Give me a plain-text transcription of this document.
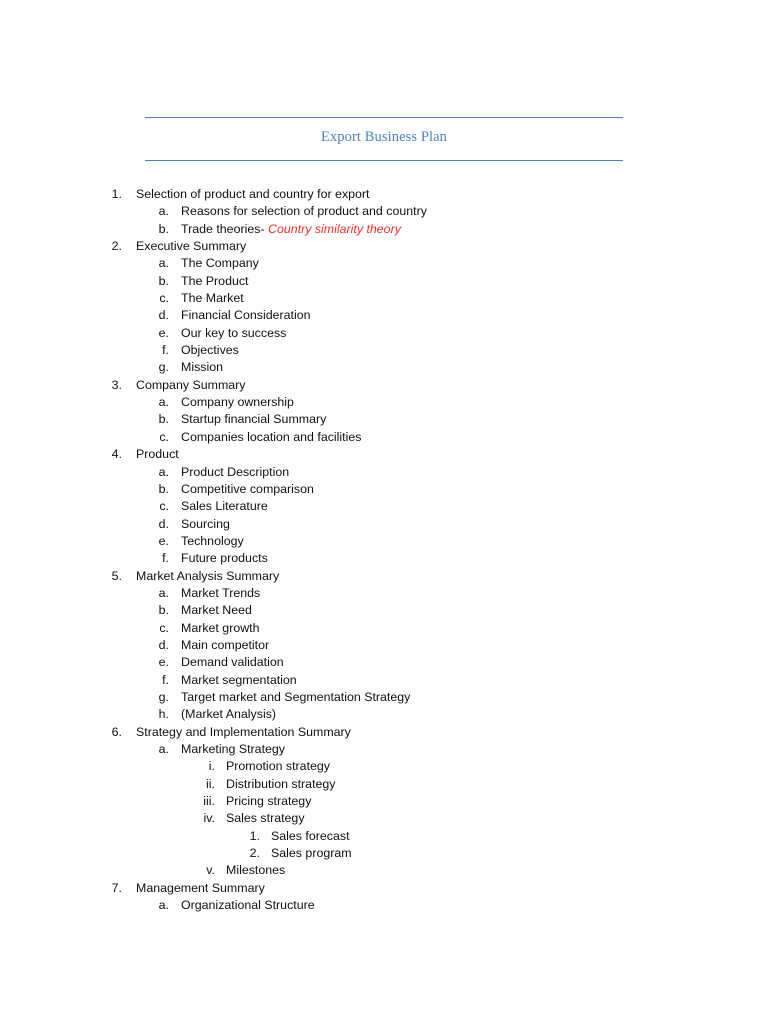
Export Business Plan
1. Selection of product and country for export
a. Reasons for selection of product and country
b. Trade theories- Country similarity theory
2. Executive Summary
a. The Company
b. The Product
c. The Market
d. Financial Consideration
e. Our key to success
f. Objectives
g. Mission
3. Company Summary
a. Company ownership
b. Startup financial Summary
c. Companies location and facilities
4. Product
a. Product Description
b. Competitive comparison
c. Sales Literature
d. Sourcing
e. Technology
f. Future products
5. Market Analysis Summary
a. Market Trends
b. Market Need
c. Market growth
d. Main competitor
e. Demand validation
f. Market segmentation
g. Target market and Segmentation Strategy
h. (Market Analysis)
6. Strategy and Implementation Summary
a. Marketing Strategy
i. Promotion strategy
ii. Distribution strategy
iii. Pricing strategy
iv. Sales strategy
1. Sales forecast
2. Sales program
v. Milestones
7. Management Summary
a. Organizational Structure
